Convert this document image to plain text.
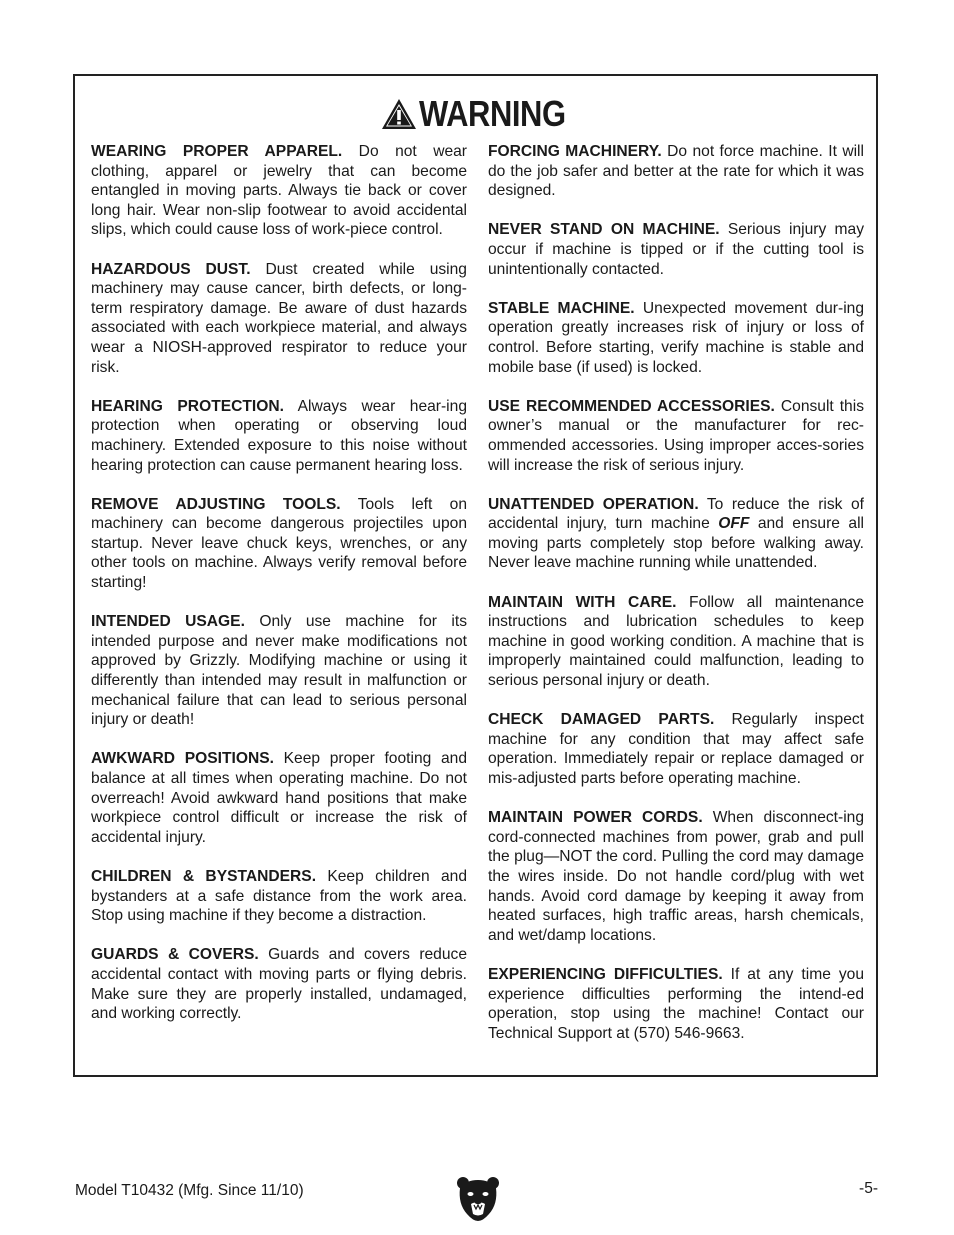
WARNING

WEARING PROPER APPAREL. Do not wear clothing, apparel or jewelry that can become entangled in moving parts. Always tie back or cover long hair. Wear non-slip footwear to avoid accidental slips, which could cause loss of work-piece control.

HAZARDOUS DUST. Dust created while using machinery may cause cancer, birth defects, or long-term respiratory damage. Be aware of dust hazards associated with each workpiece material, and always wear a NIOSH-approved respirator to reduce your risk.

HEARING PROTECTION. Always wear hear-ing protection when operating or observing loud machinery. Extended exposure to this noise without hearing protection can cause permanent hearing loss.

REMOVE ADJUSTING TOOLS. Tools left on machinery can become dangerous projectiles upon startup. Never leave chuck keys, wrenches, or any other tools on machine. Always verify removal before starting!

INTENDED USAGE. Only use machine for its intended purpose and never make modifications not approved by Grizzly. Modifying machine or using it differently than intended may result in malfunction or mechanical failure that can lead to serious personal injury or death!

AWKWARD POSITIONS. Keep proper footing and balance at all times when operating machine. Do not overreach! Avoid awkward hand positions that make workpiece control difficult or increase the risk of accidental injury.

CHILDREN & BYSTANDERS. Keep children and bystanders at a safe distance from the work area. Stop using machine if they become a distraction.

GUARDS & COVERS. Guards and covers reduce accidental contact with moving parts or flying debris. Make sure they are properly installed, undamaged, and working correctly.

FORCING MACHINERY. Do not force machine. It will do the job safer and better at the rate for which it was designed.

NEVER STAND ON MACHINE. Serious injury may occur if machine is tipped or if the cutting tool is unintentionally contacted.

STABLE MACHINE. Unexpected movement dur-ing operation greatly increases risk of injury or loss of control. Before starting, verify machine is stable and mobile base (if used) is locked.

USE RECOMMENDED ACCESSORIES. Consult this owner’s manual or the manufacturer for rec-ommended accessories. Using improper acces-sories will increase the risk of serious injury.

UNATTENDED OPERATION. To reduce the risk of accidental injury, turn machine OFF and ensure all moving parts completely stop before walking away. Never leave machine running while unattended.

MAINTAIN WITH CARE. Follow all maintenance instructions and lubrication schedules to keep machine in good working condition. A machine that is improperly maintained could malfunction, leading to serious personal injury or death.

CHECK DAMAGED PARTS. Regularly inspect machine for any condition that may affect safe operation. Immediately repair or replace damaged or mis-adjusted parts before operating machine.

MAINTAIN POWER CORDS. When disconnect-ing cord-connected machines from power, grab and pull the plug—NOT the cord. Pulling the cord may damage the wires inside. Do not handle cord/plug with wet hands. Avoid cord damage by keeping it away from heated surfaces, high traffic areas, harsh chemicals, and wet/damp locations.

EXPERIENCING DIFFICULTIES. If at any time you experience difficulties performing the intend-ed operation, stop using the machine! Contact our Technical Support at (570) 546-9663.

Model T10432 (Mfg. Since 11/10)	-5-
